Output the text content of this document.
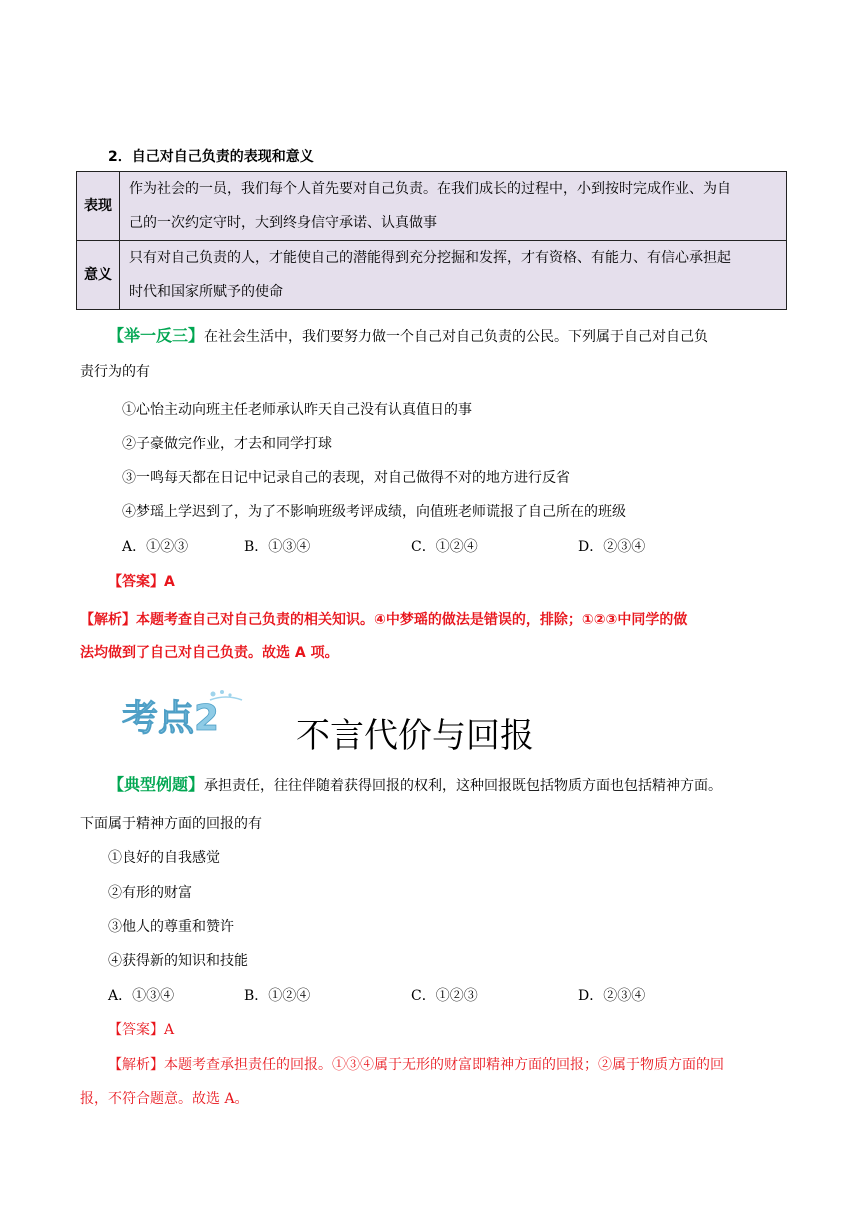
2．自己对自己负责的表现和意义
表现	作为社会的一员，我们每个人首先要对自己负责。在我们成长的过程中，小到按时完成作业、为自
己的一次约定守时，大到终身信守承诺、认真做事

意义	只有对自己负责的人，才能使自己的潜能得到充分挖掘和发挥，才有资格、有能力、有信心承担起
时代和国家所赋予的使命
【举一反三】在社会生活中，我们要努力做一个自己对自己负责的公民。下列属于自己对自己负
责行为的有
①心怡主动向班主任老师承认昨天自己没有认真值日的事
②子豪做完作业，才去和同学打球
③一鸣每天都在日记中记录自己的表现，对自己做得不对的地方进行反省
④梦瑶上学迟到了，为了不影响班级考评成绩，向值班老师谎报了自己所在的班级
A．①②③	B．①③④	C．①②④	D．②③④
【答案】A
【解析】本题考查自己对自己负责的相关知识。④中梦瑶的做法是错误的，排除；①②③中同学的做
法均做到了自己对自己负责。故选 A 项。
考点2 不言代价与回报
【典型例题】承担责任，往往伴随着获得回报的权利，这种回报既包括物质方面也包括精神方面。
下面属于精神方面的回报的有
①良好的自我感觉
②有形的财富
③他人的尊重和赞许
④获得新的知识和技能
A．①③④	B．①②④	C．①②③	D．②③④
【答案】A
【解析】本题考查承担责任的回报。①③④属于无形的财富即精神方面的回报；②属于物质方面的回
报，不符合题意。故选 A。
